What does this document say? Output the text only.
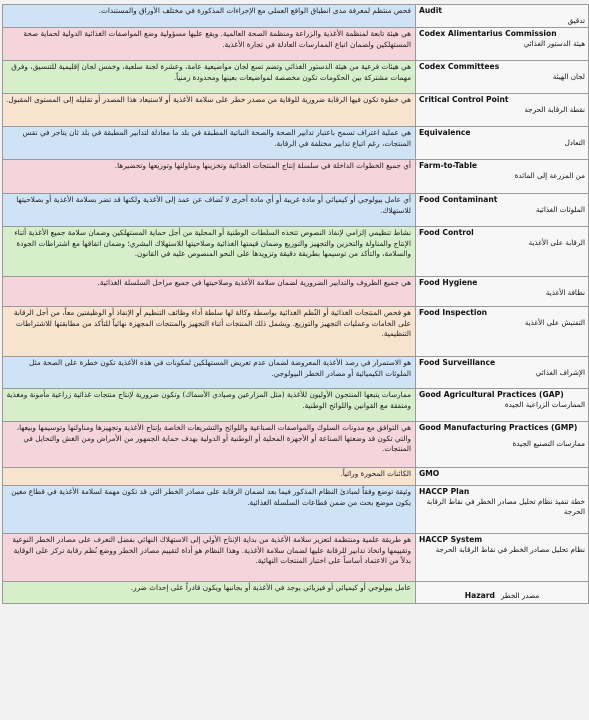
فحص منتظم لمعرفة مدى انطباق الواقع العملي مع الإجراءات المذكورة في مختلف الأوراق والمستندات.	Audit
تدقيق

هي هيئة تابعة لمنظمة الأغذية والزراعة ومنظمة الصحة العالمية. ويقع عليها مسؤولية وضع المواصفات الغذائية الدولية لحماية صحة المستهلكين ولضمان اتباع الممارسات العادلة في تجارة الأغذية.	Codex Alimentarius Commission
هيئة الدستور الغذائي

هي هيئات فرعية من هيئة الدستور الغذائي وتضم تسع لجان مواضيعية عامة، وعشرة لجنة سلعية، وخمس لجان إقليمية للتنسيق، وفرق مهمات مشتركة بين الحكومات تكون مخصصة لمواضيعات بعينها ومحدودة زمنياً.	Codex Committees
لجان الهيئة

هي خطوة تكون فيها الرقابة ضرورية للوقاية من مصدر خطر على سلامة الأغذية أو لاستبعاد هذا المصدر أو تقليله إلى المستوى المقبول.	Critical Control Point
نقطة الرقابة الحرجة

هي عملية اعتراف تسمح باعتبار تدابير الصحة والصحة النباتية المطبقة في بلد ما معادلة لتدابير المطبقة في بلد ثان يتاجر في نفس المنتجات، رغم اتباع تدابير مختلفة في الرقابة.	Equivalence
التعادل

أي جميع الخطوات الداخلة في سلسلة إنتاج المنتجات الغذائية وتخزينها ومناولتها وتوزيعها وتحضيرها.	Farm-to-Table
من المزرعة إلى المائدة

أي عامل بيولوجي أو كيميائي أو مادة غريبة أو أي مادة أخرى لا تُضاف عن عمد إلى الأغذية ولكنها قد تضر بسلامة الأغذية أو بصلاحيتها للاستهلاك.	Food Contaminant
الملوثات الغذائية

نشاط تنظيمي إلزامي لإنفاذ النصوص تتخذه السلطات الوطنية أو المحلية من أجل حماية المستهلكين وضمان سلامة جميع الأغذية أثناء الإنتاج والمناولة والتخزين والتجهيز والتوزيع وضمان قيمتها الغذائية وصلاحيتها للاستهلاك البشري؛ وضمان اتفاقها مع اشتراطات الجودة والسلامة، والتأكد من توسيمها بطريقة دقيقة وتزويدها على النحو المنصوص عليه في القانون.	Food Control
الرقابة على الأغذية

هي جميع الظروف والتدابير الضرورية لضمان سلامة الأغذية وصلاحيتها في جميع مراحل السلسلة الغذائية.	Food Hygiene
نظافة الأغذية

هو فحص المنتجات الغذائية أو النُظم الغذائية بواسطة وكالة لها سلطة أداء وظائف التنظيم أو الإنفاذ أو الوظيفتين معاً، من أجل الرقابة على الخامات وعمليات التجهيز والتوزيع. ويشمل ذلك المنتجات أثناء التجهيز والمنتجات المجهزة نهائياً للتأكد من مطابقتها للاشتراطات التنظيمية.	Food Inspection
التفتيش على الأغذية

هو الاستمرار في رصد الأغذية المعروضة لضمان عدم تعريض المستهلكين لمكونات في هذه الأغذية تكون خطرة على الصحة مثل الملوثات الكيميائية أو مصادر الخطر البيولوجي.	Food Surveillance
الإشراف الغذائي

ممارسات يتبعها المنتجون الأوليون للأغذية (مثل المزارعين وصيادي الأسماك) وتكون ضرورية لإنتاج منتجات غذائية زراعية مأمونة ومغذية ومتفقة مع القوانين واللوائح الوطنية.	Good Agricultural Practices (GAP)
الممارسات الزراعية الجيدة

هي التوافق مع مدونات السلوك والمواصفات الصناعية واللوائح والتشريعات الخاصة بإنتاج الأغذية وتجهيزها ومناولتها وتوسيمها وبيعها، والتي تكون قد وضعتها الصناعة أو الأجهزة المحلية أو الوطنية أو الدولية بهدف حماية الجمهور من الأمراض ومن الغش والتحايل في المنتجات.	Good Manufacturing Practices (GMP)
ممارسات التصنيع الجيدة

الكائنات المحورة وراثياً.	GMO

وثيقة توضع وفقاً لمبادئ النظام المذكور فيما بعد لضمان الرقابة على مصادر الخطر التي قد تكون مهمة لسلامة الأغذية في قطاع معين يكون موضع بحث من ضمن قطاعات السلسلة الغذائية.	HACCP Plan
خطة تنفيذ نظام تحليل مصادر الخطر في نقاط الرقابة الحرجة

هو طريقة علمية ومنتظمة لتعزيز سلامة الأغذية من بداية الإنتاج الأولي إلى الاستهلاك النهائي بفضل التعرف على مصادر الخطر النوعية وتقييمها واتخاذ تدابير للرقابة عليها لضمان سلامة الأغذية. وهذا النظام هو أداة لتقييم مصادر الخطر ووضع نُظم رقابة تركز على الوقاية بدلاً من الاعتماد أساساً على اختبار المنتجات النهائية.	HACCP System
نظام تحليل مصادر الخطر في نقاط الرقابة الحرجة

عامل بيولوجي أو كيميائي أو فيزيائي يوجد في الأغذية أو بجانبها ويكون قادراً على إحداث ضرر.	Hazard مصدر الخطر
